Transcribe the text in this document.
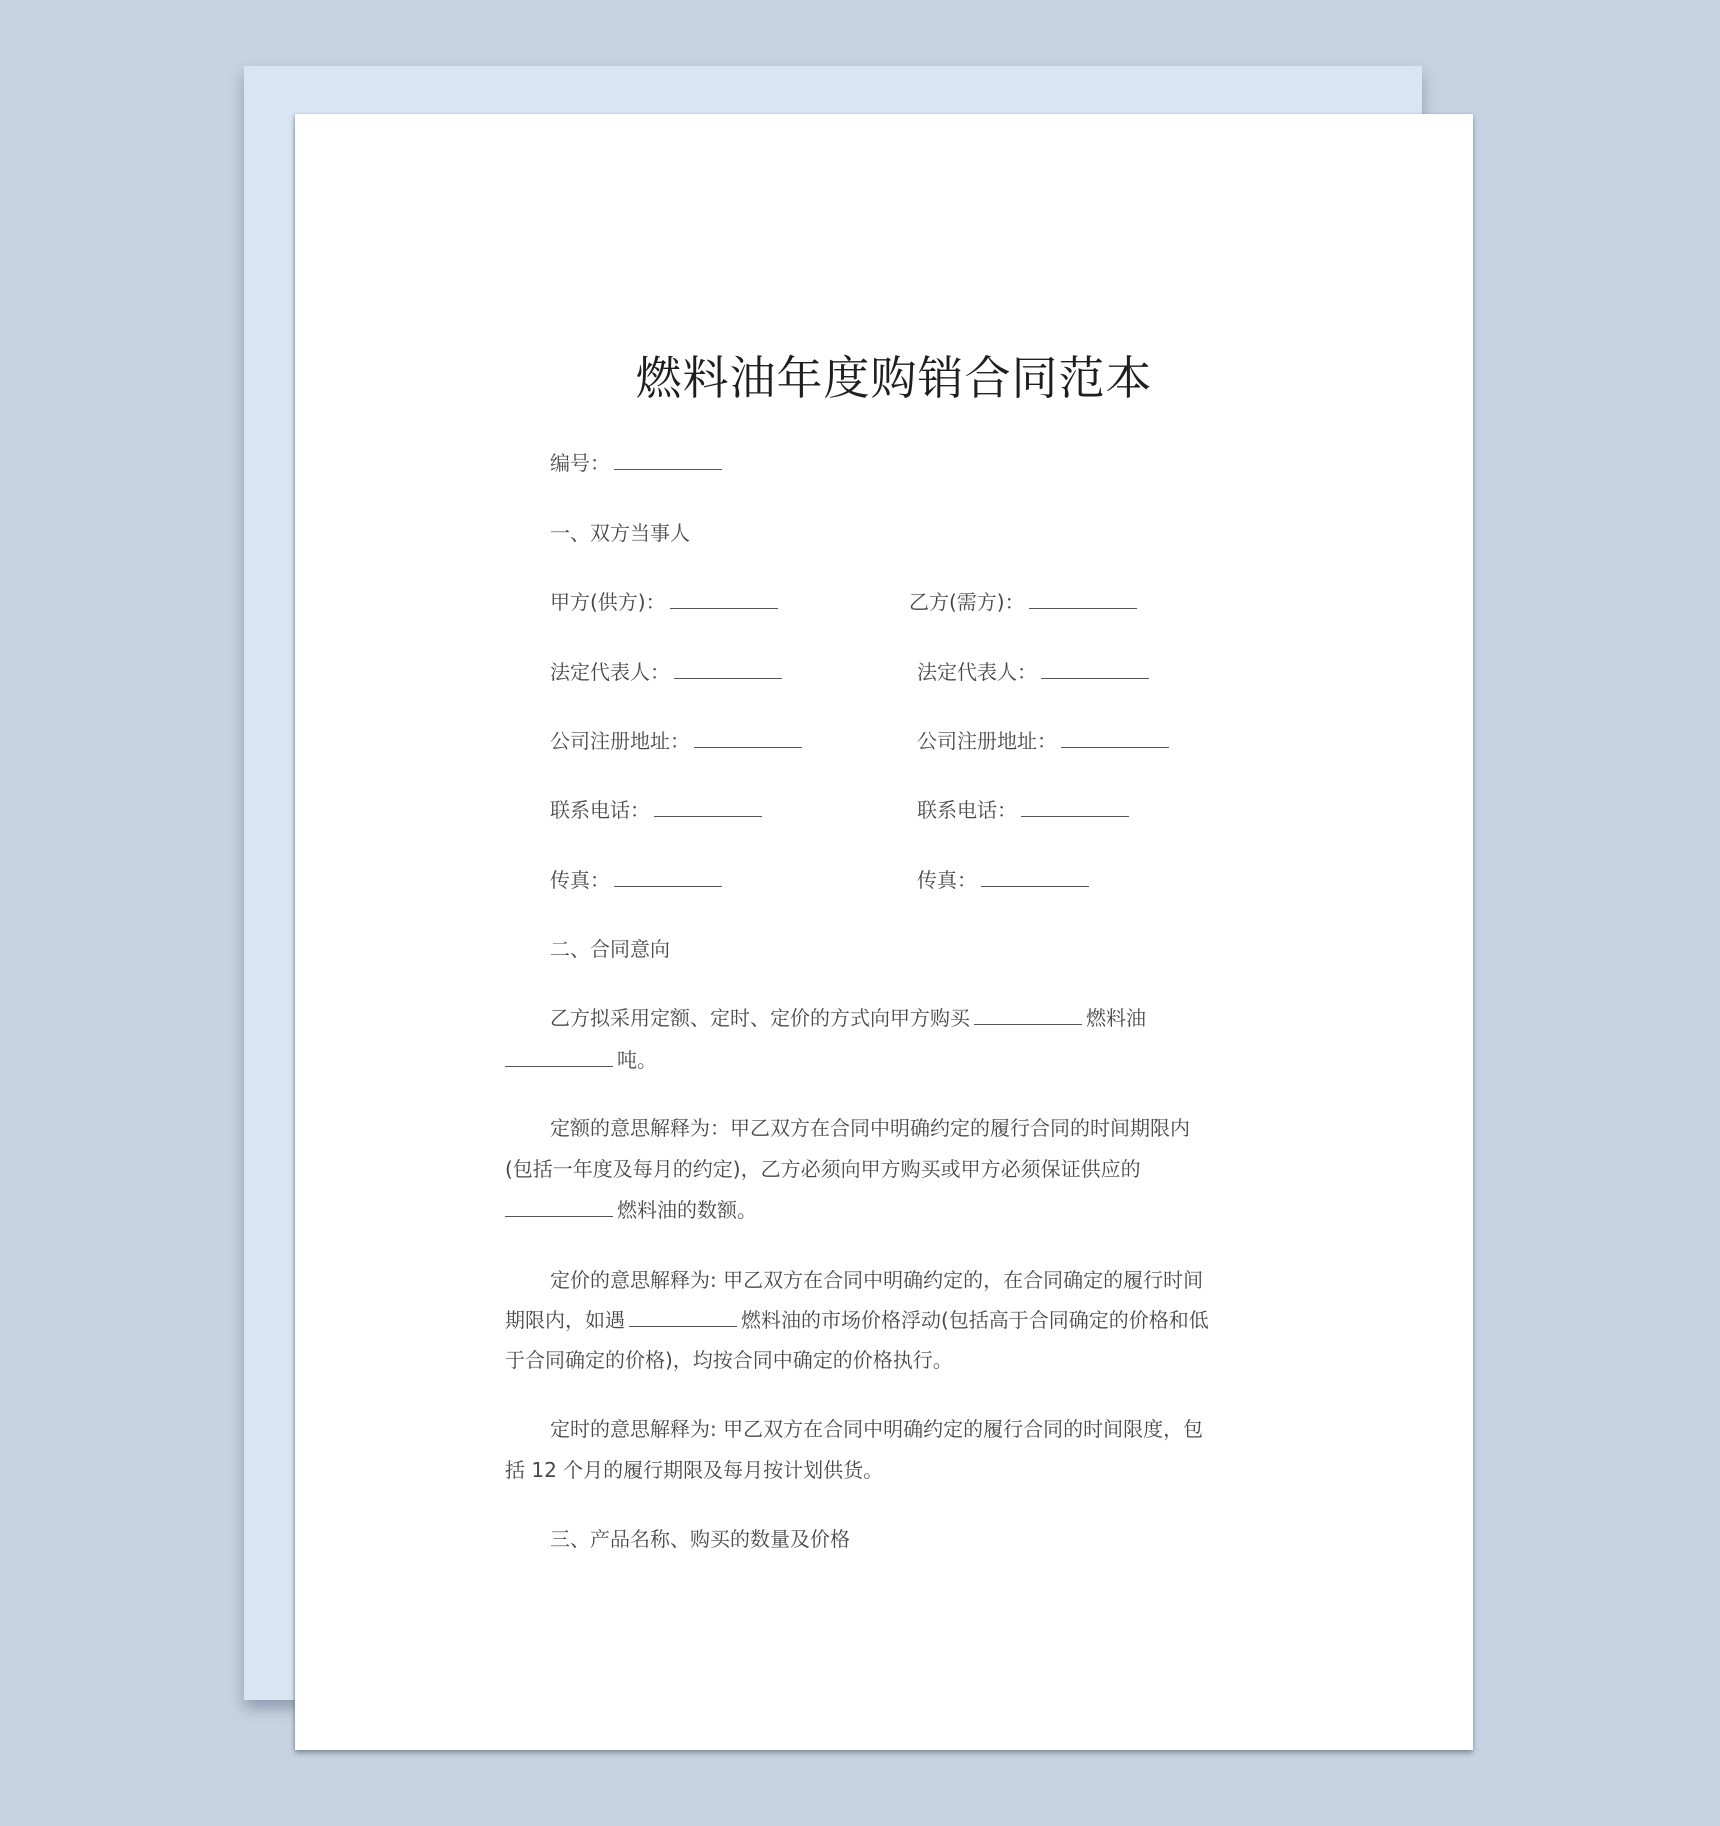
燃料油年度购销合同范本
编号：
一、双方当事人
甲方(供方)：	乙方(需方)：
法定代表人：	法定代表人：
公司注册地址：	公司注册地址：
联系电话：	联系电话：
传真：	传真：
二、合同意向
乙方拟采用定额、定时、定价的方式向甲方购买	燃料油
吨。
定额的意思解释为：甲乙双方在合同中明确约定的履行合同的时间期限内
(包括一年度及每月的约定)，乙方必须向甲方购买或甲方必须保证供应的
燃料油的数额。
定价的意思解释为: 甲乙双方在合同中明确约定的，在合同确定的履行时间
期限内，如遇	燃料油的市场价格浮动(包括高于合同确定的价格和低
于合同确定的价格)，均按合同中确定的价格执行。
定时的意思解释为: 甲乙双方在合同中明确约定的履行合同的时间限度，包
括 12 个月的履行期限及每月按计划供货。
三、产品名称、购买的数量及价格
